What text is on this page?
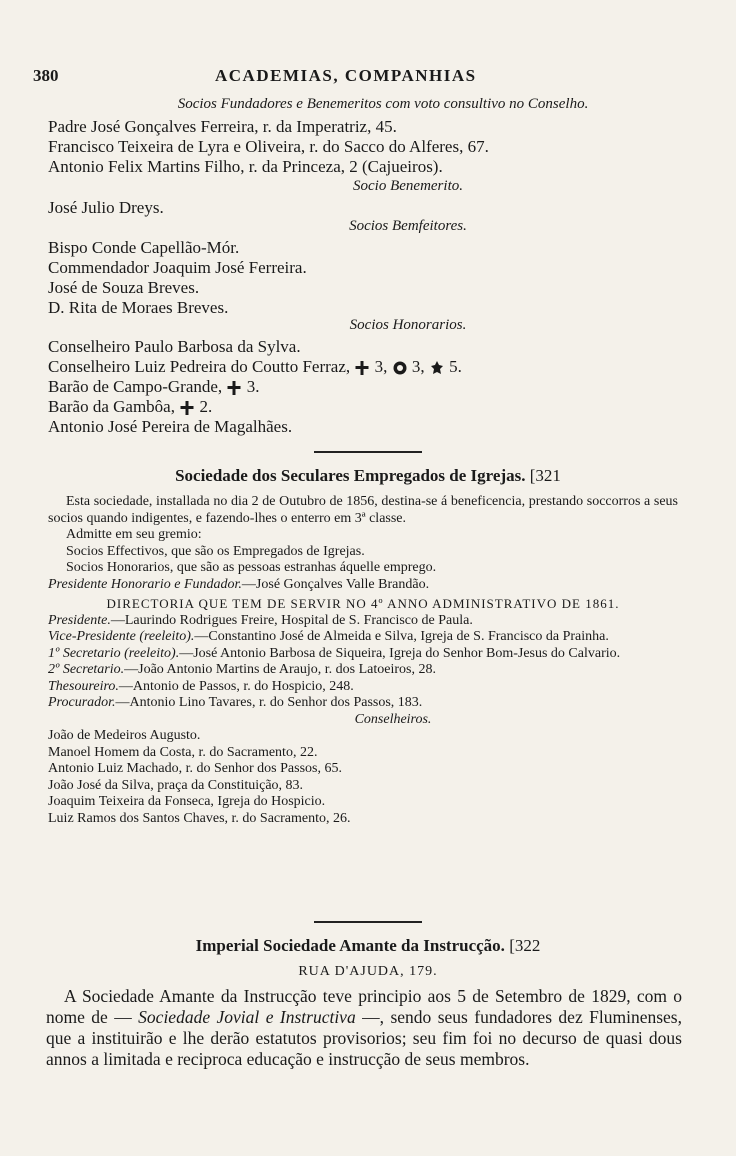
380	ACADEMIAS, COMPANHIAS
Socios Fundadores e Benemeritos com voto consultivo no Conselho.
Padre José Gonçalves Ferreira, r. da Imperatriz, 45.
Francisco Teixeira de Lyra e Oliveira, r. do Sacco do Alferes, 67.
Antonio Felix Martins Filho, r. da Princeza, 2 (Cajueiros).
Socio Benemerito.
José Julio Dreys.
Socios Bemfeitores.
Bispo Conde Capellão-Mór.
Commendador Joaquim José Ferreira.
José de Souza Breves.
D. Rita de Moraes Breves.
Socios Honorarios.
Conselheiro Paulo Barbosa da Sylva.
Conselheiro Luiz Pedreira do Coutto Ferraz, 3, 3, 5.
Barão de Campo-Grande, 3.
Barão da Gambôa, 2.
Antonio José Pereira de Magalhães.
Sociedade dos Seculares Empregados de Igrejas. [321

Esta sociedade, installada no dia 2 de Outubro de 1856, destina-se á beneficencia, prestando soccorros a seus socios quando indigentes, e fazendo-lhes o enterro em 3ª classe.

Admitte em seu gremio:

Socios Effectivos, que são os Empregados de Igrejas.

Socios Honorarios, que são as pessoas estranhas áquelle emprego.

Presidente Honorario e Fundador.—José Gonçalves Valle Brandão.

DIRECTORIA QUE TEM DE SERVIR NO 4º ANNO ADMINISTRATIVO DE 1861.

Presidente.—Laurindo Rodrigues Freire, Hospital de S. Francisco de Paula.

Vice-Presidente (reeleito).—Constantino José de Almeida e Silva, Igreja de S. Francisco da Prainha.

1º Secretario (reeleito).—José Antonio Barbosa de Siqueira, Igreja do Senhor Bom-Jesus do Calvario.

2º Secretario.—João Antonio Martins de Araujo, r. dos Latoeiros, 28.

Thesoureiro.—Antonio de Passos, r. do Hospicio, 248.

Procurador.—Antonio Lino Tavares, r. do Senhor dos Passos, 183.

Conselheiros.

João de Medeiros Augusto.

Manoel Homem da Costa, r. do Sacramento, 22.

Antonio Luiz Machado, r. do Senhor dos Passos, 65.

João José da Silva, praça da Constituição, 83.

Joaquim Teixeira da Fonseca, Igreja do Hospicio.

Luiz Ramos dos Santos Chaves, r. do Sacramento, 26.

Imperial Sociedade Amante da Instrucção. [322
RUA D'AJUDA, 179.
A Sociedade Amante da Instrucção teve principio aos 5 de Setembro de 1829, com o nome de — Sociedade Jovial e Instructiva —, sendo seus fundadores dez Fluminenses, que a instituirão e lhe derão estatutos provisorios; seu fim foi no decurso de quasi dous annos a limitada e reciproca educação e instrucção de seus membros.
